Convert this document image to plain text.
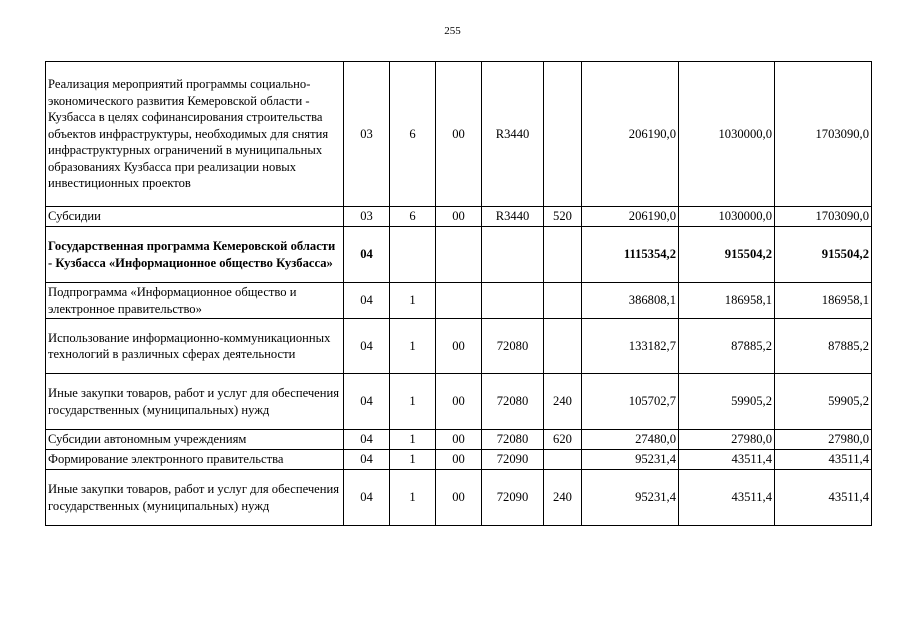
255
Реализация мероприятий программы социально-экономического развития Кемеровской области - Кузбасса в целях софинансирования строительства объектов инфраструктуры, необходимых для снятия инфраструктурных ограничений в муниципальных образованиях Кузбасса при реализации новых инвестиционных проектов	03	6	00	R3440		206190,0	1030000,0	1703090,0
Субсидии	03	6	00	R3440	520	206190,0	1030000,0	1703090,0
Государственная программа Кемеровской области - Кузбасса «Информационное общество Кузбасса»	04					1115354,2	915504,2	915504,2
Подпрограмма «Информационное общество и электронное правительство»	04	1				386808,1	186958,1	186958,1
Использование информационно-коммуникационных технологий в различных сферах деятельности	04	1	00	72080		133182,7	87885,2	87885,2
Иные закупки товаров, работ и услуг для обеспечения государственных (муниципальных) нужд	04	1	00	72080	240	105702,7	59905,2	59905,2
Субсидии автономным учреждениям	04	1	00	72080	620	27480,0	27980,0	27980,0
Формирование электронного правительства	04	1	00	72090		95231,4	43511,4	43511,4
Иные закупки товаров, работ и услуг для обеспечения государственных (муниципальных) нужд	04	1	00	72090	240	95231,4	43511,4	43511,4
